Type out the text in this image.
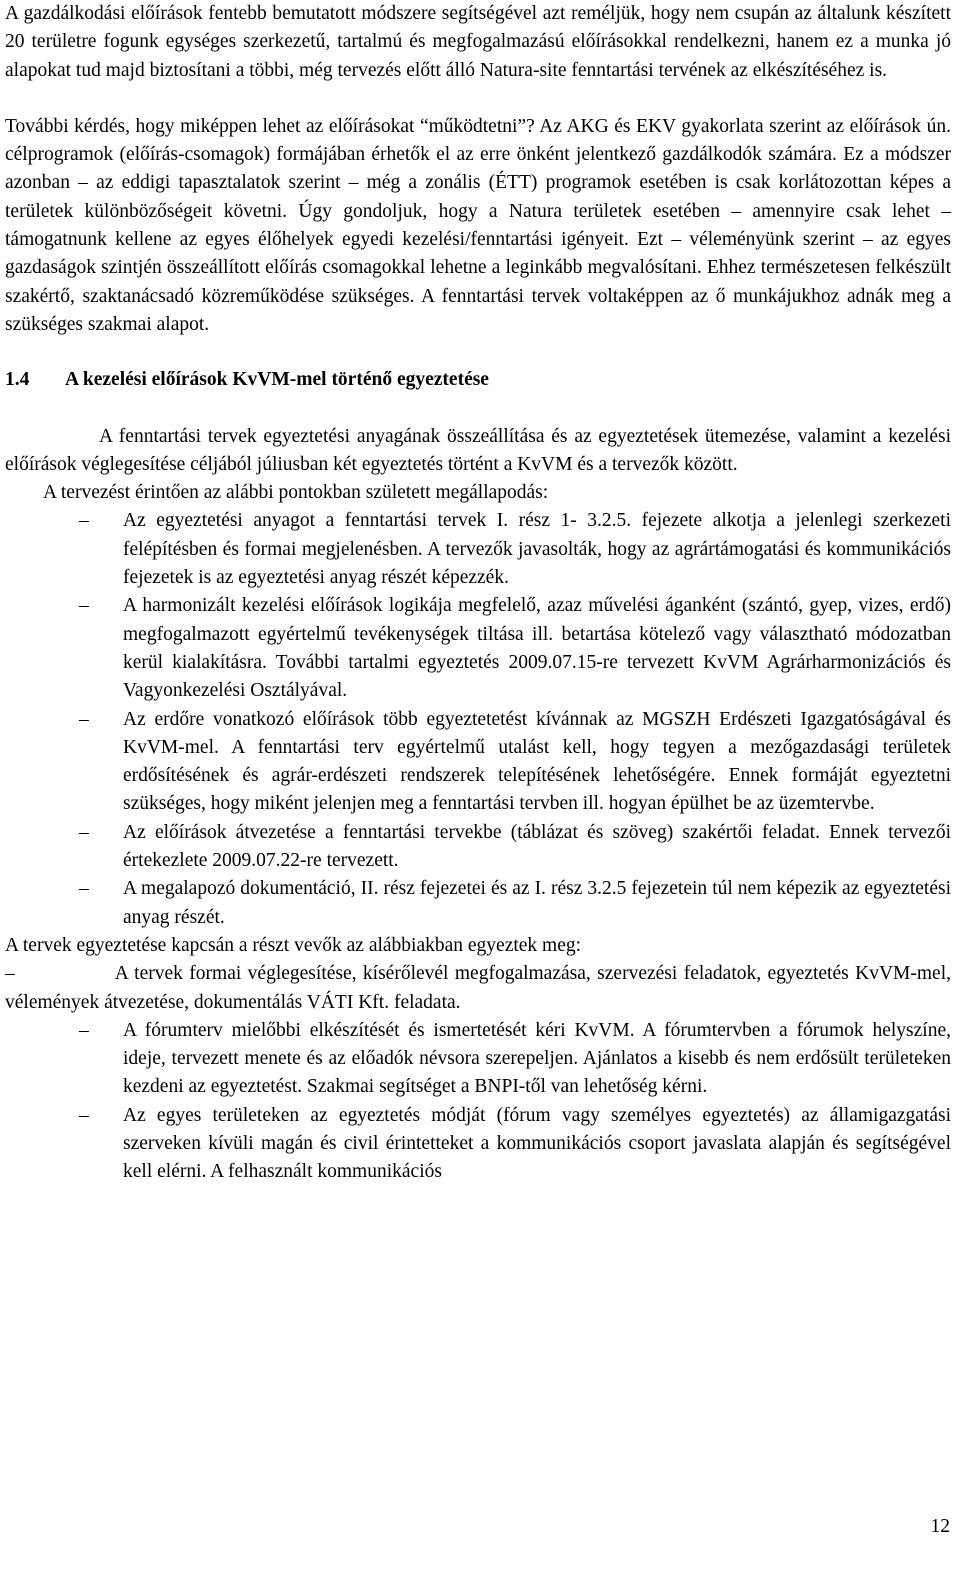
A gazdálkodási előírások fentebb bemutatott módszere segítségével azt reméljük, hogy nem csupán az általunk készített 20 területre fogunk egységes szerkezetű, tartalmú és megfogalmazású előírásokkal rendelkezni, hanem ez a munka jó alapokat tud majd biztosítani a többi, még tervezés előtt álló Natura-site fenntartási tervének az elkészítéséhez is.

További kérdés, hogy miképpen lehet az előírásokat “működtetni”? Az AKG és EKV gyakorlata szerint az előírások ún. célprogramok (előírás-csomagok) formájában érhetők el az erre önként jelentkező gazdálkodók számára. Ez a módszer azonban – az eddigi tapasztalatok szerint – még a zonális (ÉTT) programok esetében is csak korlátozottan képes a területek különbözőségeit követni. Úgy gondoljuk, hogy a Natura területek esetében – amennyire csak lehet – támogatnunk kellene az egyes élőhelyek egyedi kezelési/fenntartási igényeit. Ezt – véleményünk szerint – az egyes gazdaságok szintjén összeállított előírás csomagokkal lehetne a leginkább megvalósítani. Ehhez természetesen felkészült szakértő, szaktanácsadó közreműködése szükséges. A fenntartási tervek voltaképpen az ő munkájukhoz adnák meg a szükséges szakmai alapot.

1.4	A kezelési előírások KvVM-mel történő egyeztetése

A fenntartási tervek egyeztetési anyagának összeállítása és az egyeztetések ütemezése, valamint a kezelési előírások véglegesítése céljából júliusban két egyeztetés történt a KvVM és a tervezők között.

A tervezést érintően az alábbi pontokban született megállapodás:

– Az egyeztetési anyagot a fenntartási tervek I. rész 1- 3.2.5. fejezete alkotja a jelenlegi szerkezeti felépítésben és formai megjelenésben. A tervezők javasolták, hogy az agrártámogatási és kommunikációs fejezetek is az egyeztetési anyag részét képezzék.
– A harmonizált kezelési előírások logikája megfelelő, azaz művelési áganként (szántó, gyep, vizes, erdő) megfogalmazott egyértelmű tevékenységek tiltása ill. betartása kötelező vagy választható módozatban kerül kialakításra. További tartalmi egyeztetés 2009.07.15-re tervezett KvVM Agrárharmonizációs és Vagyonkezelési Osztályával.
– Az erdőre vonatkozó előírások több egyeztetetést kívánnak az MGSZH Erdészeti Igazgatóságával és KvVM-mel. A fenntartási terv egyértelmű utalást kell, hogy tegyen a mezőgazdasági területek erdősítésének és agrár-erdészeti rendszerek telepítésének lehetőségére. Ennek formáját egyeztetni szükséges, hogy miként jelenjen meg a fenntartási tervben ill. hogyan épülhet be az üzemtervbe.
– Az előírások átvezetése a fenntartási tervekbe (táblázat és szöveg) szakértői feladat. Ennek tervezői értekezlete 2009.07.22-re tervezett.
– A megalapozó dokumentáció, II. rész fejezetei és az I. rész 3.2.5 fejezetein túl nem képezik az egyeztetési anyag részét.

A tervek egyeztetése kapcsán a részt vevők az alábbiakban egyeztek meg:

–	A tervek formai véglegesítése, kísérőlevél megfogalmazása, szervezési feladatok, egyeztetés KvVM-mel, vélemények átvezetése, dokumentálás VÁTI Kft. feladata.

– A fórumterv mielőbbi elkészítését és ismertetését kéri KvVM. A fórumtervben a fórumok helyszíne, ideje, tervezett menete és az előadók névsora szerepeljen. Ajánlatos a kisebb és nem erdősült területeken kezdeni az egyeztetést. Szakmai segítséget a BNPI-től van lehetőség kérni.
– Az egyes területeken az egyeztetés módját (fórum vagy személyes egyeztetés) az államigazgatási szerveken kívüli magán és civil érintetteket a kommunikációs csoport javaslata alapján és segítségével kell elérni. A felhasznált kommunikációs
12
